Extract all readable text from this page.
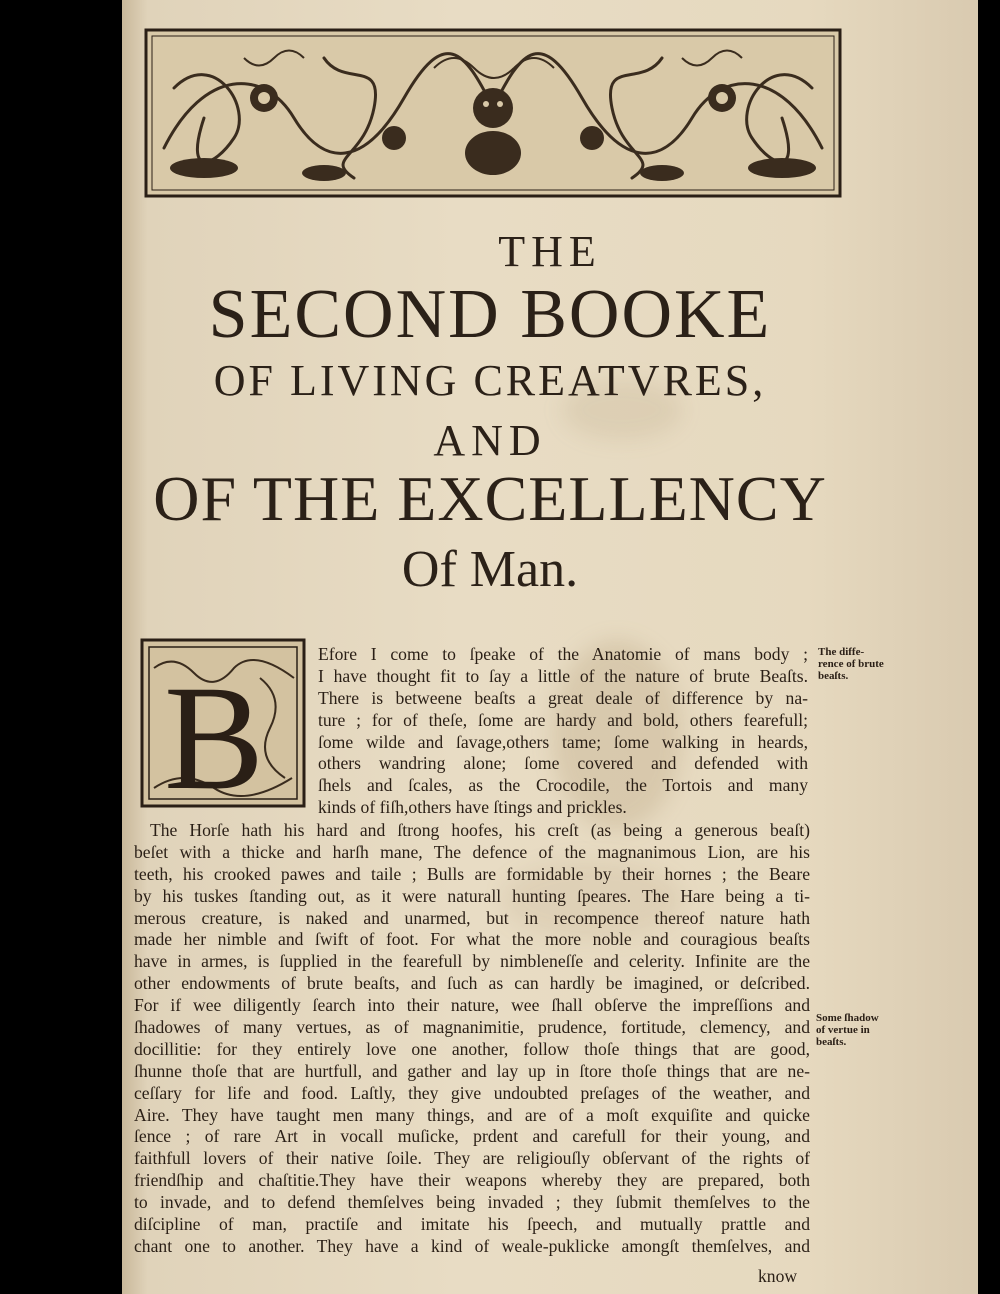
THE
SECOND BOOKE
OF LIVING CREATVRES,
AND
OF THE EXCELLENCY
Of Man.
B
Efore I come to ſpeake of the Anatomie of mans body ;
I have thought fit to ſay a little of the nature of brute Beaſts.
There is betweene beaſts a great deale of difference by na-
ture ; for of theſe, ſome are hardy and bold, others fearefull;
ſome wilde and ſavage,others tame; ſome walking in heards,
others wandring alone; ſome covered and defended with
ſhels and ſcales, as the Crocodile, the Tortois and many
kinds of fiſh,others have ſtings and prickles.
The Horſe hath his hard and ſtrong hoofes, his creſt (as being a generous beaſt)
beſet with a thicke and harſh mane, The defence of the magnanimous Lion, are his
teeth, his crooked pawes and taile ; Bulls are formidable by their hornes ; the Beare
by his tuskes ſtanding out, as it were naturall hunting ſpeares. The Hare being a ti-
merous creature, is naked and unarmed, but in recompence thereof nature hath
made her nimble and ſwift of foot. For what the more noble and couragious beaſts
have in armes, is ſupplied in the fearefull by nimbleneſſe and celerity. Infinite are the
other endowments of brute beaſts, and ſuch as can hardly be imagined, or deſcribed.
For if wee diligently ſearch into their nature, wee ſhall obſerve the impreſſions and
ſhadowes of many vertues, as of magnanimitie, prudence, fortitude, clemency, and
docillitie: for they entirely love one another, follow thoſe things that are good,
ſhunne thoſe that are hurtfull, and gather and lay up in ſtore thoſe things that are ne-
ceſſary for life and food. Laſtly, they give undoubted preſages of the weather, and
Aire. They have taught men many things, and are of a moſt exquiſite and quicke
ſence ; of rare Art in vocall muſicke, prdent and carefull for their young, and
faithfull lovers of their native ſoile. They are religiouſly obſervant of the rights of
friendſhip and chaſtitie.They have their weapons whereby they are prepared, both
to invade, and to defend themſelves being invaded ; they ſubmit themſelves to the
diſcipline of man, practiſe and imitate his ſpeech, and mutually prattle and
chant one to another. They have a kind of weale-puklicke amongſt themſelves, and
know
The diffe-
rence of brute
beaſts.
Some ſhadow
of vertue in
beaſts.
